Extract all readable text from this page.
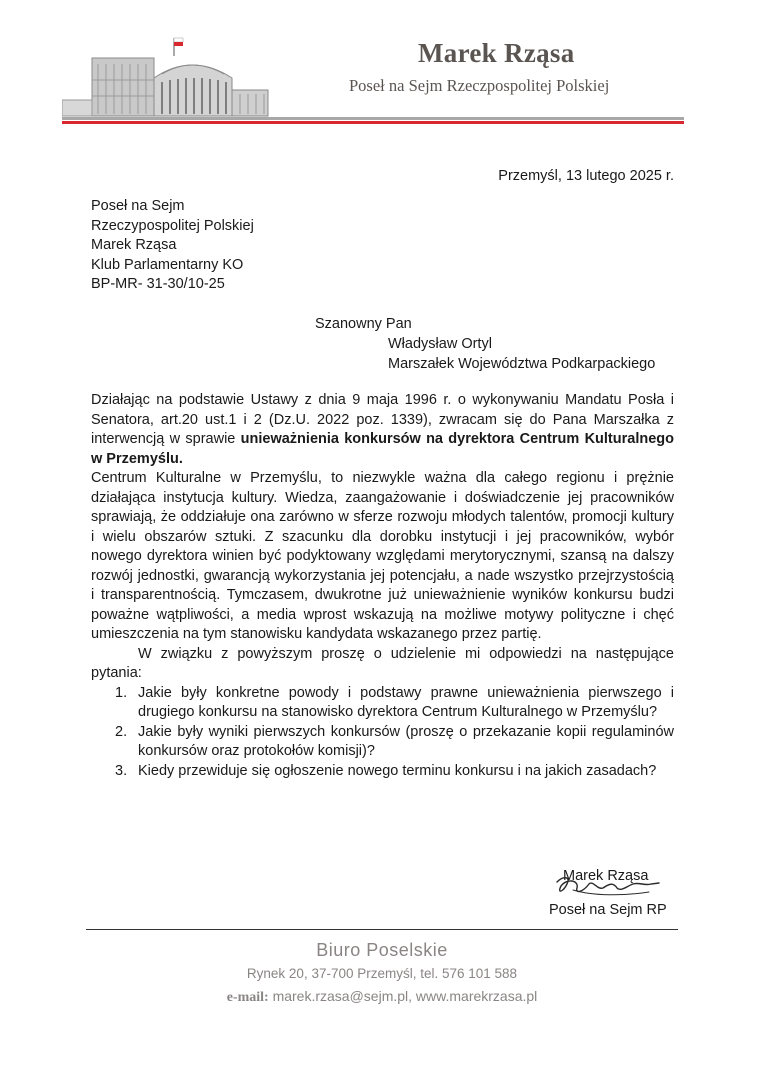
Marek Rząsa
Poseł na Sejm Rzeczpospolitej Polskiej
Przemyśl, 13 lutego 2025 r.
Poseł na Sejm
Rzeczypospolitej Polskiej
Marek Rząsa
Klub Parlamentarny KO
BP-MR- 31-30/10-25
Szanowny Pan
Władysław Ortyl
Marszałek Województwa Podkarpackiego

Działając na podstawie Ustawy z dnia 9 maja 1996 r. o wykonywaniu Mandatu Posła i Senatora, art.20 ust.1 i 2 (Dz.U. 2022 poz. 1339), zwracam się do Pana Marszałka z interwencją w sprawie unieważnienia konkursów na dyrektora Centrum Kulturalnego w Przemyślu.

Centrum Kulturalne w Przemyślu, to niezwykle ważna dla całego regionu i prężnie działająca instytucja kultury. Wiedza, zaangażowanie i doświadczenie jej pracowników sprawiają, że oddziałuje ona zarówno w sferze rozwoju młodych talentów, promocji kultury i wielu obszarów sztuki. Z szacunku dla dorobku instytucji i jej pracowników, wybór nowego dyrektora winien być podyktowany względami merytorycznymi, szansą na dalszy rozwój jednostki, gwarancją wykorzystania jej potencjału, a nade wszystko przejrzystością i transparentnością. Tymczasem, dwukrotne już unieważnienie wyników konkursu budzi poważne wątpliwości, a media wprost wskazują na możliwe motywy polityczne i chęć umieszczenia na tym stanowisku kandydata wskazanego przez partię.

W związku z powyższym proszę o udzielenie mi odpowiedzi na następujące pytania:

1. Jakie były konkretne powody i podstawy prawne unieważnienia pierwszego i drugiego konkursu na stanowisko dyrektora Centrum Kulturalnego w Przemyślu?
2. Jakie były wyniki pierwszych konkursów (proszę o przekazanie kopii regulaminów konkursów oraz protokołów komisji)?
3. Kiedy przewiduje się ogłoszenie nowego terminu konkursu i na jakich zasadach?
Marek Rząsa
Poseł na Sejm RP
Biuro Poselskie
Rynek 20, 37-700 Przemyśl, tel. 576 101 588
e-mail: marek.rzasa@sejm.pl, www.marekrzasa.pl
